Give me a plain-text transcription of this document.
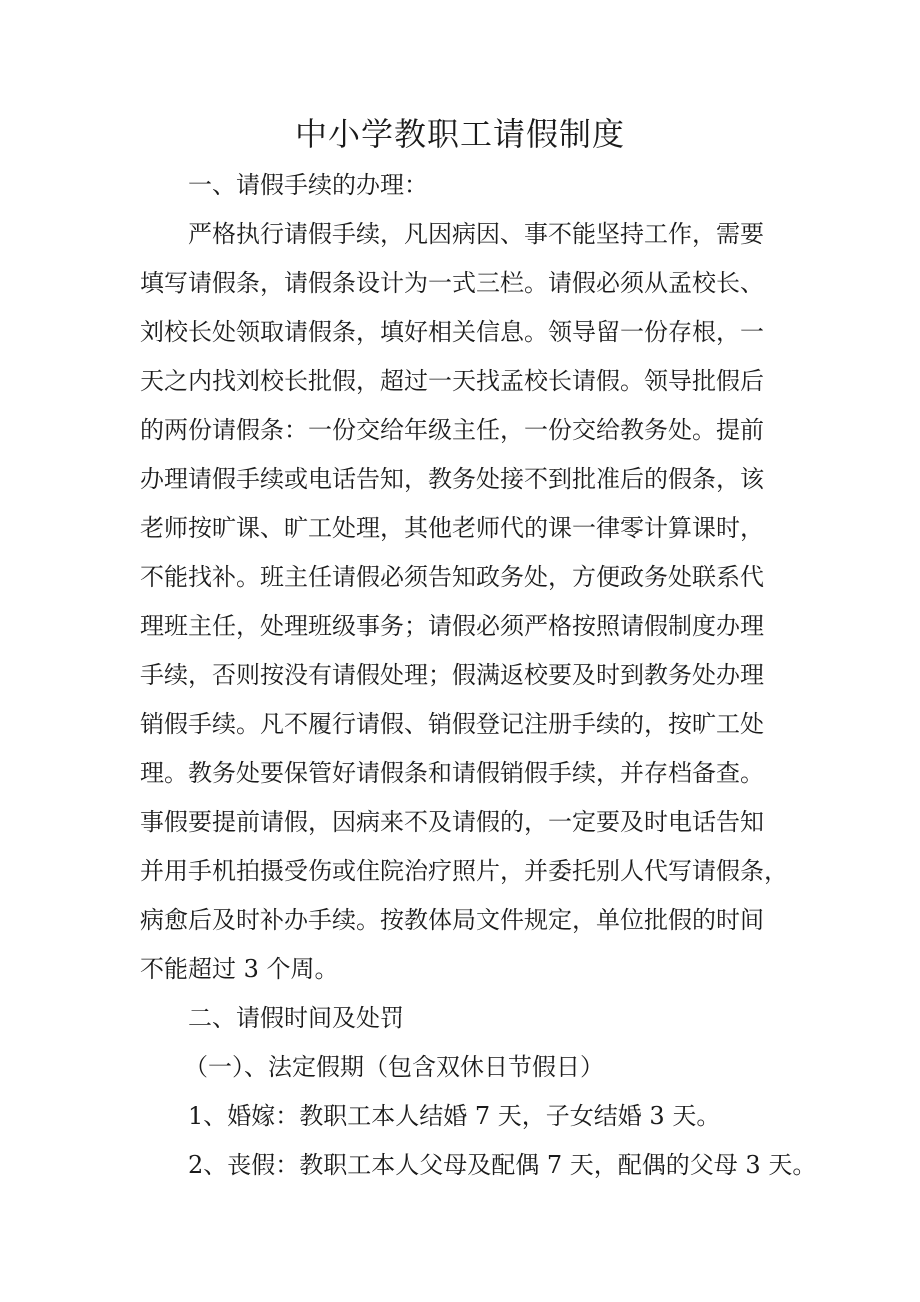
中小学教职工请假制度
一、请假手续的办理：
严格执行请假手续，凡因病因、事不能坚持工作，需要
填写请假条，请假条设计为一式三栏。请假必须从孟校长、
刘校长处领取请假条，填好相关信息。领导留一份存根，一
天之内找刘校长批假，超过一天找孟校长请假。领导批假后
的两份请假条：一份交给年级主任，一份交给教务处。提前
办理请假手续或电话告知，教务处接不到批准后的假条，该
老师按旷课、旷工处理，其他老师代的课一律零计算课时，
不能找补。班主任请假必须告知政务处，方便政务处联系代
理班主任，处理班级事务；请假必须严格按照请假制度办理
手续，否则按没有请假处理；假满返校要及时到教务处办理
销假手续。凡不履行请假、销假登记注册手续的，按旷工处
理。教务处要保管好请假条和请假销假手续，并存档备查。
事假要提前请假，因病来不及请假的，一定要及时电话告知
并用手机拍摄受伤或住院治疗照片，并委托别人代写请假条，
病愈后及时补办手续。按教体局文件规定，单位批假的时间
不能超过 3 个周。
二、请假时间及处罚
（一）、法定假期（包含双休日节假日）
1、婚嫁：教职工本人结婚 7 天，子女结婚 3 天。
2、丧假：教职工本人父母及配偶 7 天，配偶的父母 3 天。
